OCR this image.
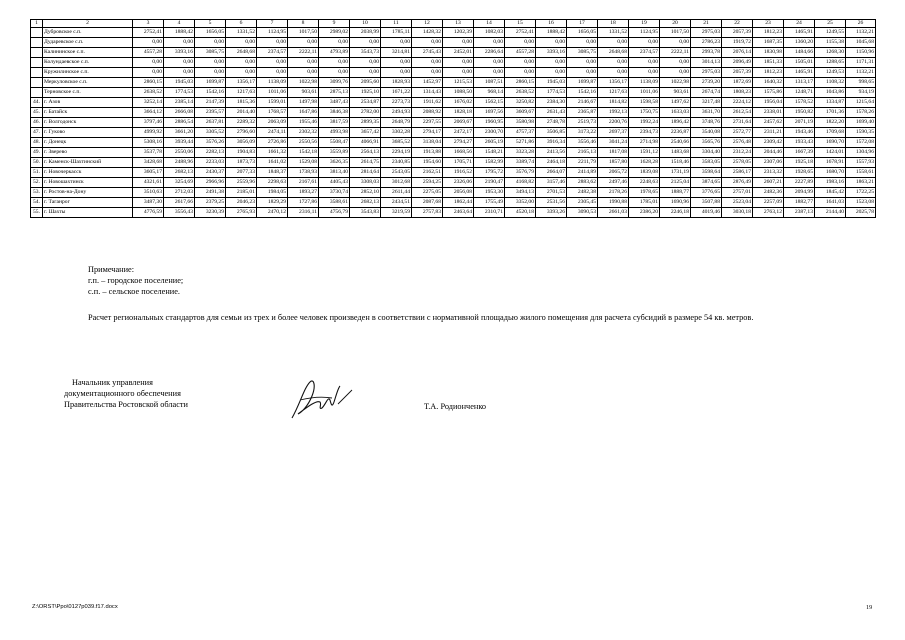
1	2	3	4	5	6	7	8	9	10	11	12	13	14	15	16	17	18	19	20	21	22	23	24	25	26
	Дубровское с.п.	2752,41	1888,42	1656,05	1331,52	1124,95	1017,50	2989,02	2038,99	1785,11	1428,32	1202,39	1082,03	2752,41	1888,42	1656,05	1331,52	1124,95	1017,50	2975,03	2057,39	1812,23	1465,91	1249,55	1132,21
	Дударевское с.п.	0,00	0,00	0,00	0,00	0,00	0,00	0,00	0,00	0,00	0,00	0,00	0,00	0,00	0,00	0,00	0,00	0,00	0,00	2786,23	1919,72	1687,35	1360,20	1155,38	1045,68
	Калининское с.п.	4557,28	3393,16	3085,75	2648,68	2374,57	2222,11	4793,89	3543,73	3214,81	2745,43	2452,01	2286,64	4557,28	3393,16	3085,75	2648,68	2374,57	2222,11	2993,78	2076,14	1830,98	1484,66	1268,30	1150,96
	Колундаевское с.п.	0,00	0,00	0,00	0,00	0,00	0,00	0,00	0,00	0,00	0,00	0,00	0,00	0,00	0,00	0,00	0,00	0,00	0,00	3014,13	2096,49	1851,33	1505,01	1288,65	1171,31
	Кружилинское с.п.	0,00	0,00	0,00	0,00	0,00	0,00	0,00	0,00	0,00	0,00	0,00	0,00	0,00	0,00	0,00	0,00	0,00	0,00	2975,03	2057,39	1812,23	1465,91	1249,53	1132,21
	Меркуловское с.п.	2860,15	1945,03	1699,87	1356,17	1138,09	1022,98	3099,76	2095,60	1828,93	1452,97	1215,53	1087,51	2860,15	1945,03	1699,87	1356,17	1138,09	1022,98	2739,20	1872,69	1640,32	1313,17	1108,32	998,65
	Терновское с.п.	2638,52	1774,53	1542,16	1217,63	1011,06	903,61	2875,13	1925,10	1671,22	1314,43	1088,50	968,14	2638,52	1774,53	1542,16	1217,63	1011,06	903,61	2674,74	1808,23	1575,86	1248,71	1043,86	934,19
44.	г. Азов	3252,14	2385,14	2147,39	1815,36	1599,01	1497,98	3487,43	2534,87	2273,73	1911,62	1676,02	1562,15	3250,82	2384,30	2146,67	1814,82	1598,58	1497,62	3217,48	2224,12	1956,04	1578,52	1334,87	1215,64
45.	г. Батайск	3664,12	2666,08	2395,57	2014,40	1768,57	1647,86	3846,38	2782,00	2494,93	2088,92	1828,18	1697,56	3609,67	2631,43	2365,87	1992,13	1750,75	1633,03	3631,70	2612,54	2338,01	1950,82	1701,36	1578,26
46.	г. Волгодонск	3797,46	2886,54	2637,81	2289,32	2063,09	1955,46	3817,59	2899,35	2648,79	2297,55	2069,67	1960,95	3580,98	2748,78	2519,73	2200,76	1992,24	1896,42	3748,76	2731,64	2457,62	2071,19	1822,20	1699,40
47.	г. Гуково	4999,92	3661,20	3305,52	2796,60	2474,11	2302,32	4993,98	3657,42	3302,28	2794,17	2472,17	2300,70	4757,37	3506,85	3173,22	2697,37	2394,73	2236,87	3540,08	2572,77	2311,21	1943,46	1709,68	1590,35
48.	г. Донецк	5308,16	3939,44	3576,26	3056,09	2726,86	2550,56	5508,47	4066,91	3685,52	3138,04	2794,27	2605,19	5271,86	3916,34	3556,46	3041,24	2714,98	2540,66	3565,76	2576,48	2309,42	1933,43	1690,70	1572,08
49.	г. Зверево	3537,78	2550,06	2282,13	1904,83	1661,32	1542,18	3559,89	2564,13	2294,19	1913,88	1668,56	1548,21	3323,28	2413,56	2165,13	1817,08	1591,12	1483,68	3304,40	2312,24	2044,46	1667,39	1424,01	1304,96
50.	г. Каменск-Шахтинский	3428,68	2488,96	2233,03	1873,73	1641,02	1529,08	3626,35	2614,75	2340,85	1954,60	1705,71	1582,99	3389,74	2464,18	2211,79	1857,80	1628,28	1518,46	3583,05	2578,05	2307,06	1925,18	1678,91	1557,93
51.	г. Новочеркасск	3605,17	2682,13	2430,37	2077,33	1848,37	1738,93	3813,40	2814,64	2543,05	2162,51	1916,52	1795,72	3576,79	2664,07	2414,89	2065,72	1839,08	1731,19	3598,64	2586,17	2313,32	1928,65	1680,70	1558,61
52.	г. Новошахтинск	4321,61	3254,69	2966,96	2559,96	2298,63	2167,61	4405,43	3308,03	3012,68	2594,25	2326,06	2190,47	4168,82	3157,46	2883,62	2497,46	2248,63	2125,04	3874,65	2876,49	2607,21	2227,89	1983,16	1863,21
53.	г. Ростов-на-Дону	3510,63	2712,03	2491,38	2185,01	1984,05	1893,27	3730,74	2852,10	2611,44	2275,05	2056,08	1953,30	3494,13	2701,53	2482,38	2178,26	1978,65	1888,77	3776,65	2757,01	2482,36	2094,99	1845,42	1722,25
54.	г. Таганрог	3487,30	2617,66	2379,25	2046,23	1829,29	1727,86	3588,61	2682,13	2434,51	2087,68	1862,44	1755,49	3352,00	2531,56	2305,45	1990,88	1785,01	1690,96	3507,88	2523,04	2257,09	1882,77	1641,03	1523,08
55.	г. Шахты	4776,59	3556,43	3230,39	2765,93	2470,12	2316,11	4756,79	3543,83	3219,59	2757,83	2463,64	2310,71	4520,18	3393,26	3090,53	2661,03	2386,20	2246,18	4019,46	3030,18	2763,12	2387,13	2144,40	2025,78
Примечание:
г.п. – городское поселение;
с.п. – сельское поселение.
Расчет региональных стандартов для семьи из трех и более человек произведен в соответствии с нормативной площадью жилого помещения для расчета субсидий в размере 54 кв. метров.
Начальник управления
документационного обеспечения
Правительства Ростовской области	Т.А. Родионченко
Z:\ORST\Ppo\0127p039.f17.docx	19
